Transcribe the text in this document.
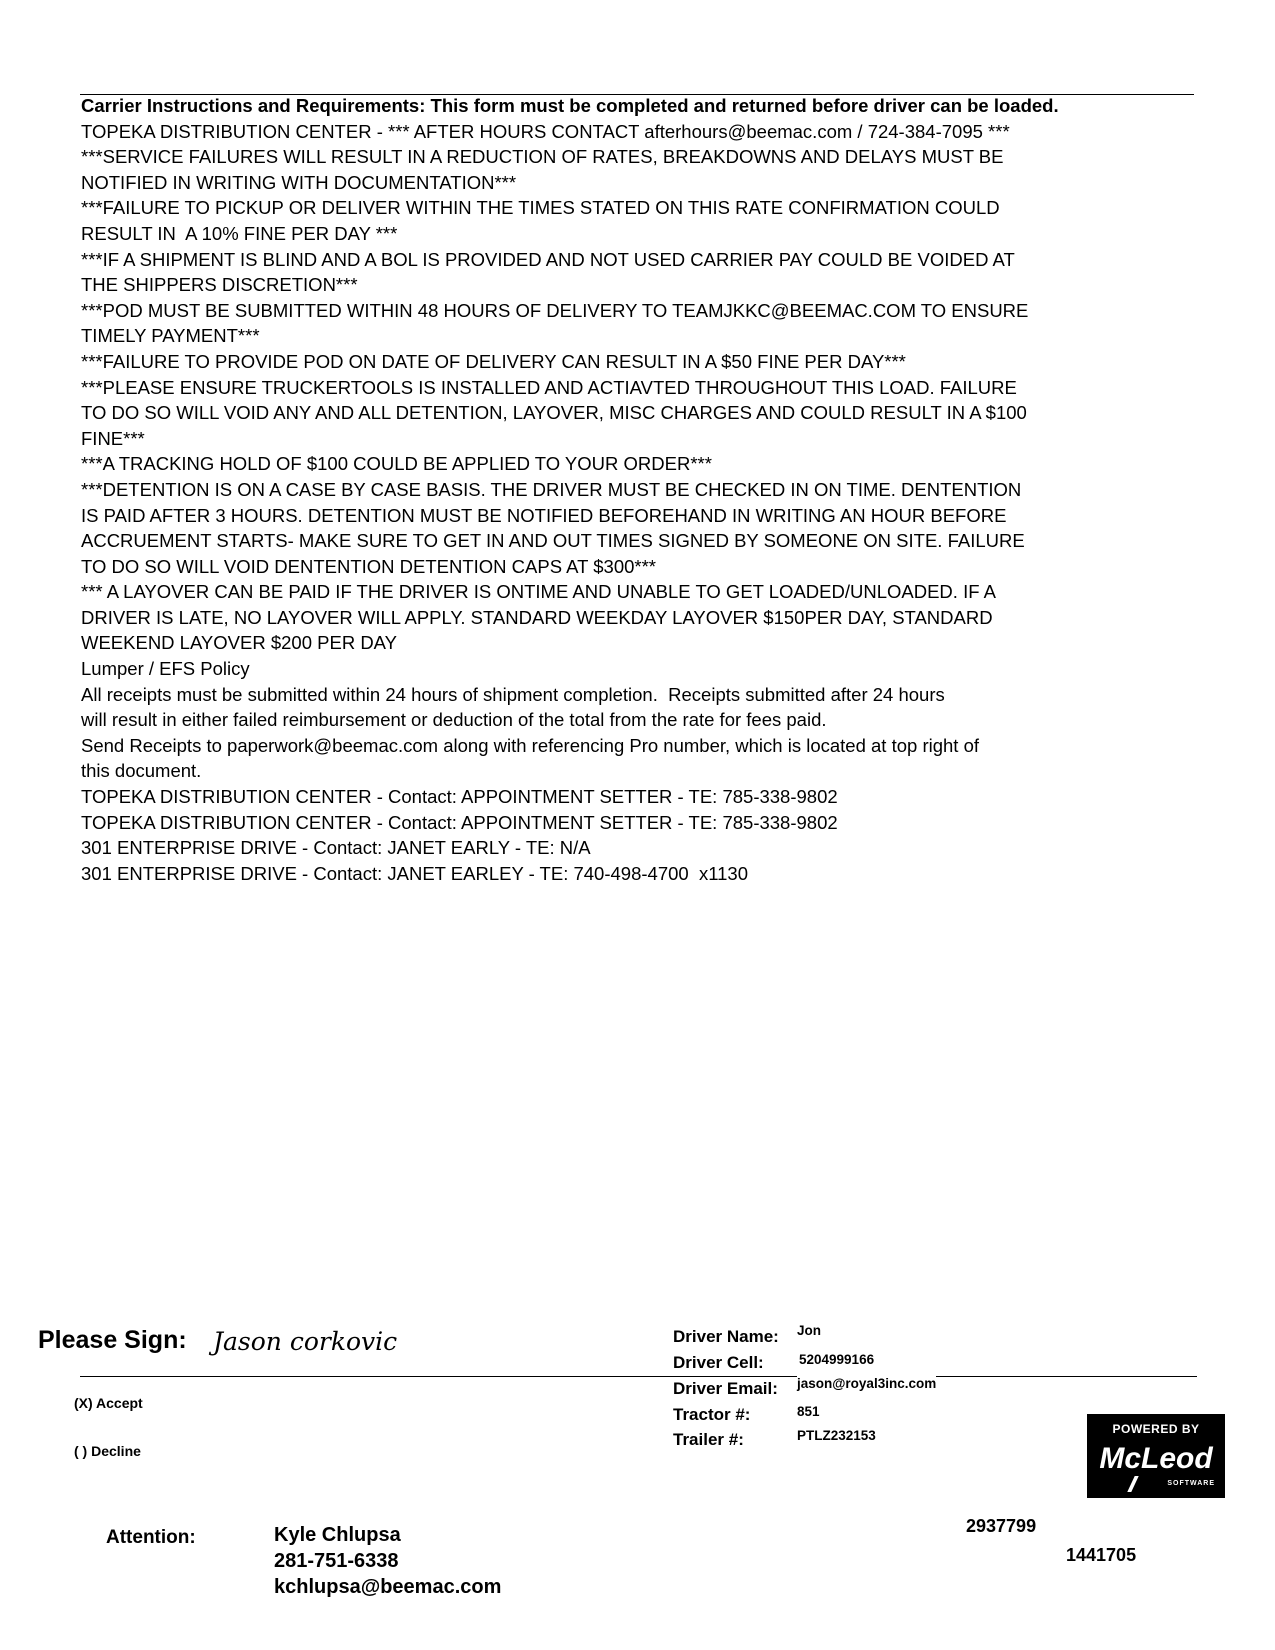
Carrier Instructions and Requirements: This form must be completed and returned before driver can be loaded.
TOPEKA DISTRIBUTION CENTER - *** AFTER HOURS CONTACT afterhours@beemac.com / 724-384-7095 ***
***SERVICE FAILURES WILL RESULT IN A REDUCTION OF RATES, BREAKDOWNS AND DELAYS MUST BE
NOTIFIED IN WRITING WITH DOCUMENTATION***
***FAILURE TO PICKUP OR DELIVER WITHIN THE TIMES STATED ON THIS RATE CONFIRMATION COULD
RESULT IN  A 10% FINE PER DAY ***
***IF A SHIPMENT IS BLIND AND A BOL IS PROVIDED AND NOT USED CARRIER PAY COULD BE VOIDED AT
THE SHIPPERS DISCRETION***
***POD MUST BE SUBMITTED WITHIN 48 HOURS OF DELIVERY TO TEAMJKKC@BEEMAC.COM TO ENSURE
TIMELY PAYMENT***
***FAILURE TO PROVIDE POD ON DATE OF DELIVERY CAN RESULT IN A $50 FINE PER DAY***
***PLEASE ENSURE TRUCKERTOOLS IS INSTALLED AND ACTIAVTED THROUGHOUT THIS LOAD. FAILURE
TO DO SO WILL VOID ANY AND ALL DETENTION, LAYOVER, MISC CHARGES AND COULD RESULT IN A $100
FINE***
***A TRACKING HOLD OF $100 COULD BE APPLIED TO YOUR ORDER***
***DETENTION IS ON A CASE BY CASE BASIS. THE DRIVER MUST BE CHECKED IN ON TIME. DENTENTION
IS PAID AFTER 3 HOURS. DETENTION MUST BE NOTIFIED BEFOREHAND IN WRITING AN HOUR BEFORE
ACCRUEMENT STARTS- MAKE SURE TO GET IN AND OUT TIMES SIGNED BY SOMEONE ON SITE. FAILURE
TO DO SO WILL VOID DENTENTION DETENTION CAPS AT $300***
*** A LAYOVER CAN BE PAID IF THE DRIVER IS ONTIME AND UNABLE TO GET LOADED/UNLOADED. IF A
DRIVER IS LATE, NO LAYOVER WILL APPLY. STANDARD WEEKDAY LAYOVER $150PER DAY, STANDARD
WEEKEND LAYOVER $200 PER DAY
Lumper / EFS Policy
All receipts must be submitted within 24 hours of shipment completion.  Receipts submitted after 24 hours
will result in either failed reimbursement or deduction of the total from the rate for fees paid.
Send Receipts to paperwork@beemac.com along with referencing Pro number, which is located at top right of
this document.
TOPEKA DISTRIBUTION CENTER - Contact: APPOINTMENT SETTER - TE: 785-338-9802
TOPEKA DISTRIBUTION CENTER - Contact: APPOINTMENT SETTER - TE: 785-338-9802
301 ENTERPRISE DRIVE - Contact: JANET EARLY - TE: N/A
301 ENTERPRISE DRIVE - Contact: JANET EARLEY - TE: 740-498-4700  x1130
Please Sign: Jason corkovic
(X) Accept
( ) Decline
Driver Name: Jon
Driver Cell:	5204999166
Driver Email: jason@royal3inc.com
Tractor #:	851
Trailer #:	PTLZ232153	POWERED BY
McLeod
SOFTWARE
Attention:	Kyle Chlupsa
281-751-6338
kchlupsa@beemac.com
2937799
1441705
